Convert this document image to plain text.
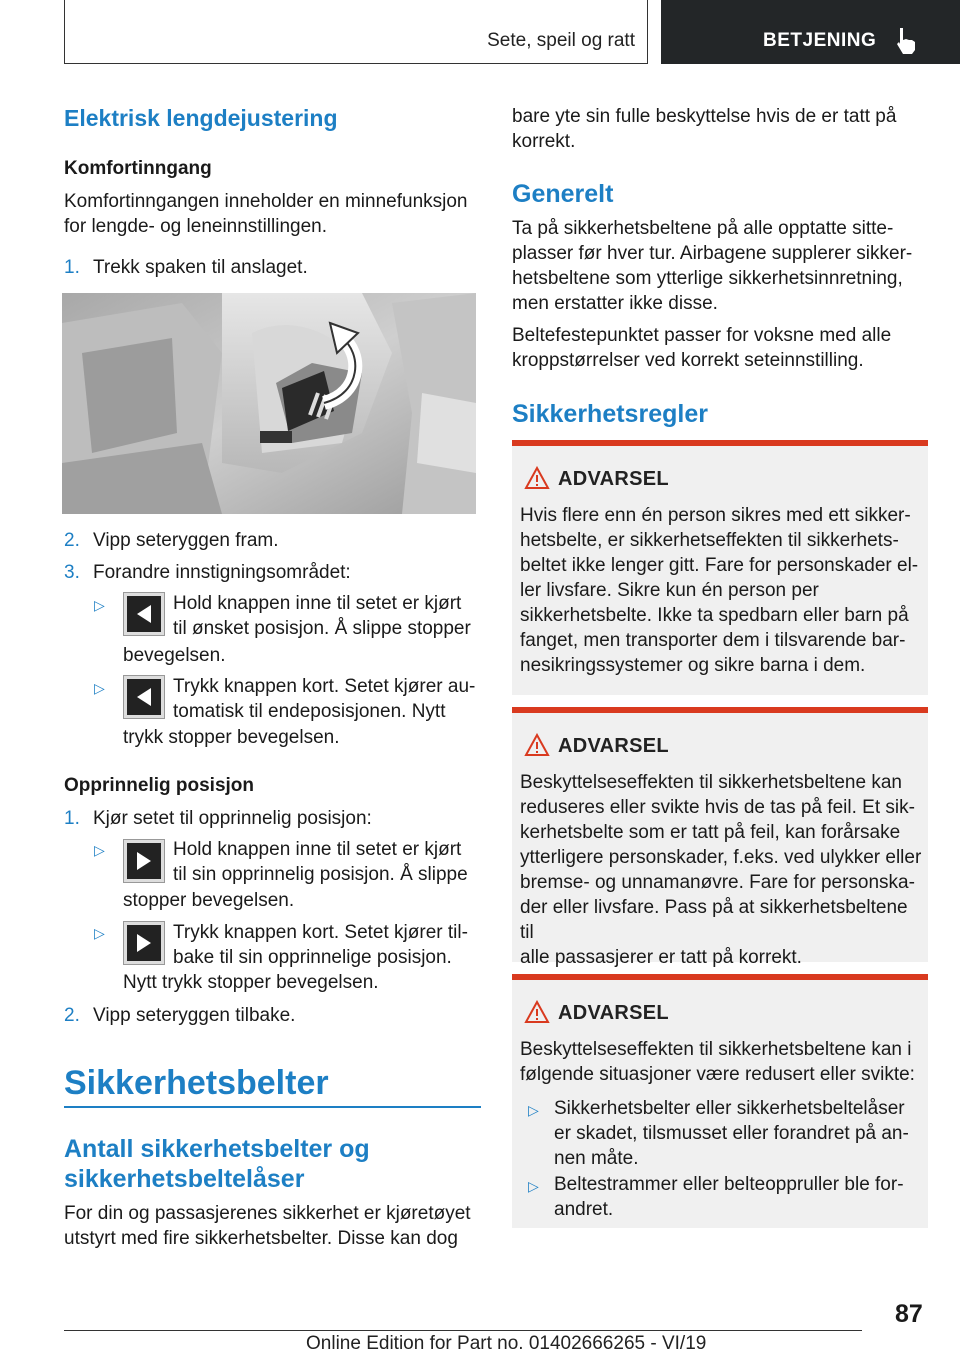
Sete, speil og ratt	BETJENING
Elektrisk lengdejustering
Komfortinngang
Komfortinngangen inneholder en minnefunksjon
for lengde- og leneinnstillingen.
1. Trekk spaken til anslaget.
2. Vipp seteryggen fram.
3. Forandre innstigningsområdet:
▷	Hold knappen inne til setet er kjørt
til ønsket posisjon. Å slippe stopper
bevegelsen.
▷	Trykk knappen kort. Setet kjører au-
tomatisk til endeposisjonen. Nytt
trykk stopper bevegelsen.
Opprinnelig posisjon
1. Kjør setet til opprinnelig posisjon:
▷	Hold knappen inne til setet er kjørt
til sin opprinnelig posisjon. Å slippe
stopper bevegelsen.
▷	Trykk knappen kort. Setet kjører til-
bake til sin opprinnelige posisjon.
Nytt trykk stopper bevegelsen.
2. Vipp seteryggen tilbake.
Sikkerhetsbelter
Antall sikkerhetsbelter og
sikkerhetsbeltelåser
For din og passasjerenes sikkerhet er kjøretøyet
utstyrt med fire sikkerhetsbelter. Disse kan dog
bare yte sin fulle beskyttelse hvis de er tatt på
korrekt.
Generelt
Ta på sikkerhetsbeltene på alle opptatte sitte-
plasser før hver tur. Airbagene supplerer sikker-
hetsbeltene som ytterlige sikkerhetsinnretning,
men erstatter ikke disse.
Beltefestepunktet passer for voksne med alle
kroppstørrelser ved korrekt seteinnstilling.
Sikkerhetsregler
ADVARSEL
Hvis flere enn én person sikres med ett sikker-
hetsbelte, er sikkerhetseffekten til sikkerhets-
beltet ikke lenger gitt. Fare for personskader el-
ler livsfare. Sikre kun én person per
sikkerhetsbelte. Ikke ta spedbarn eller barn på
fanget, men transporter dem i tilsvarende bar-
nesikringssystemer og sikre barna i dem.
ADVARSEL
Beskyttelseseffekten til sikkerhetsbeltene kan
reduseres eller svikte hvis de tas på feil. Et sik-
kerhetsbelte som er tatt på feil, kan forårsake
ytterligere personskader, f.eks. ved ulykker eller
bremse- og unnamanøvre. Fare for personska-
der eller livsfare. Pass på at sikkerhetsbeltene til
alle passasjerer er tatt på korrekt.
ADVARSEL
Beskyttelseseffekten til sikkerhetsbeltene kan i
følgende situasjoner være redusert eller svikte:
▷ Sikkerhetsbelter eller sikkerhetsbeltelåser
er skadet, tilsmusset eller forandret på an-
nen måte.
▷ Beltestrammer eller belteoppruller ble for-
andret.
87
Online Edition for Part no. 01402666265 - VI/19
